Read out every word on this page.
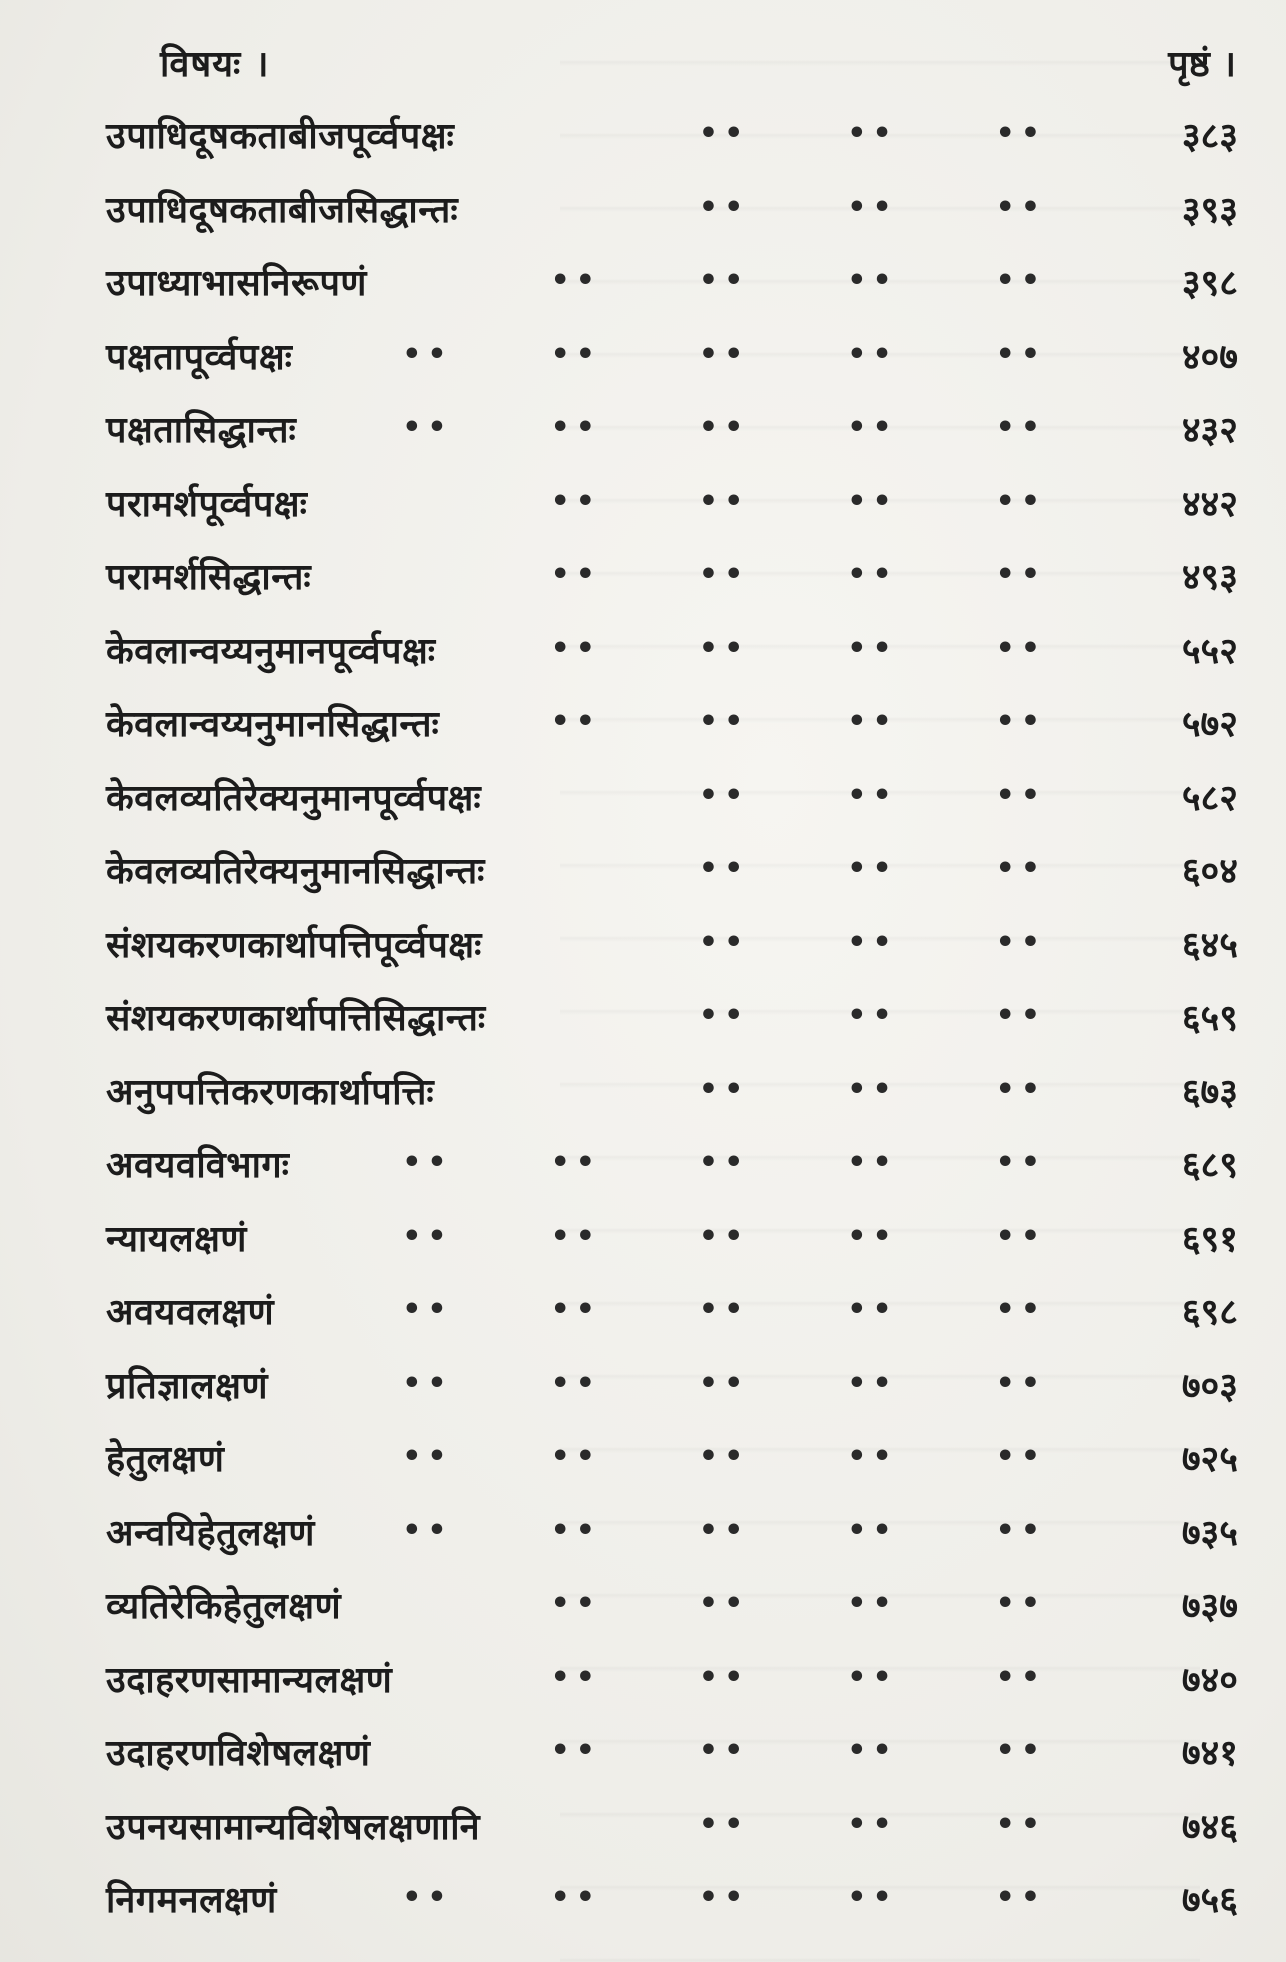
विषयः ।	पृष्ठं ।
उपाधिदूषकताबीजपूर्व्वपक्षः	••	••	••	३८३
उपाधिदूषकताबीजसिद्धान्तः	••	••	••	३९३
उपाध्याभासनिरूपणं	••	••	••	••	३९८
पक्षतापूर्व्वपक्षः	••	••	••	••	••	४०७
पक्षतासिद्धान्तः	••	••	••	••	••	४३२
परामर्शपूर्व्वपक्षः	••	••	••	••	४४२
परामर्शसिद्धान्तः	••	••	••	••	४९३
केवलान्वय्यनुमानपूर्व्वपक्षः	••	••	••	••	५५२
केवलान्वय्यनुमानसिद्धान्तः	••	••	••	••	५७२
केवलव्यतिरेक्यनुमानपूर्व्वपक्षः	••	••	••	५८२
केवलव्यतिरेक्यनुमानसिद्धान्तः	••	••	••	६०४
संशयकरणकार्थापत्तिपूर्व्वपक्षः	••	••	••	६४५
संशयकरणकार्थापत्तिसिद्धान्तः	••	••	••	६५९
अनुपपत्तिकरणकार्थापत्तिः	••	••	••	६७३
अवयवविभागः	••	••	••	••	••	६८९
न्यायलक्षणं	••	••	••	••	••	६९१
अवयवलक्षणं	••	••	••	••	••	६९८
प्रतिज्ञालक्षणं	••	••	••	••	••	७०३
हेतुलक्षणं	••	••	••	••	••	७२५
अन्वयिहेतुलक्षणं	••	••	••	••	••	७३५
व्यतिरेकिहेतुलक्षणं	••	••	••	••	७३७
उदाहरणसामान्यलक्षणं	••	••	••	••	७४०
उदाहरणविशेषलक्षणं	••	••	••	••	७४१
उपनयसामान्यविशेषलक्षणानि	••	••	••	७४६
निगमनलक्षणं	••	••	••	••	••	७५६
